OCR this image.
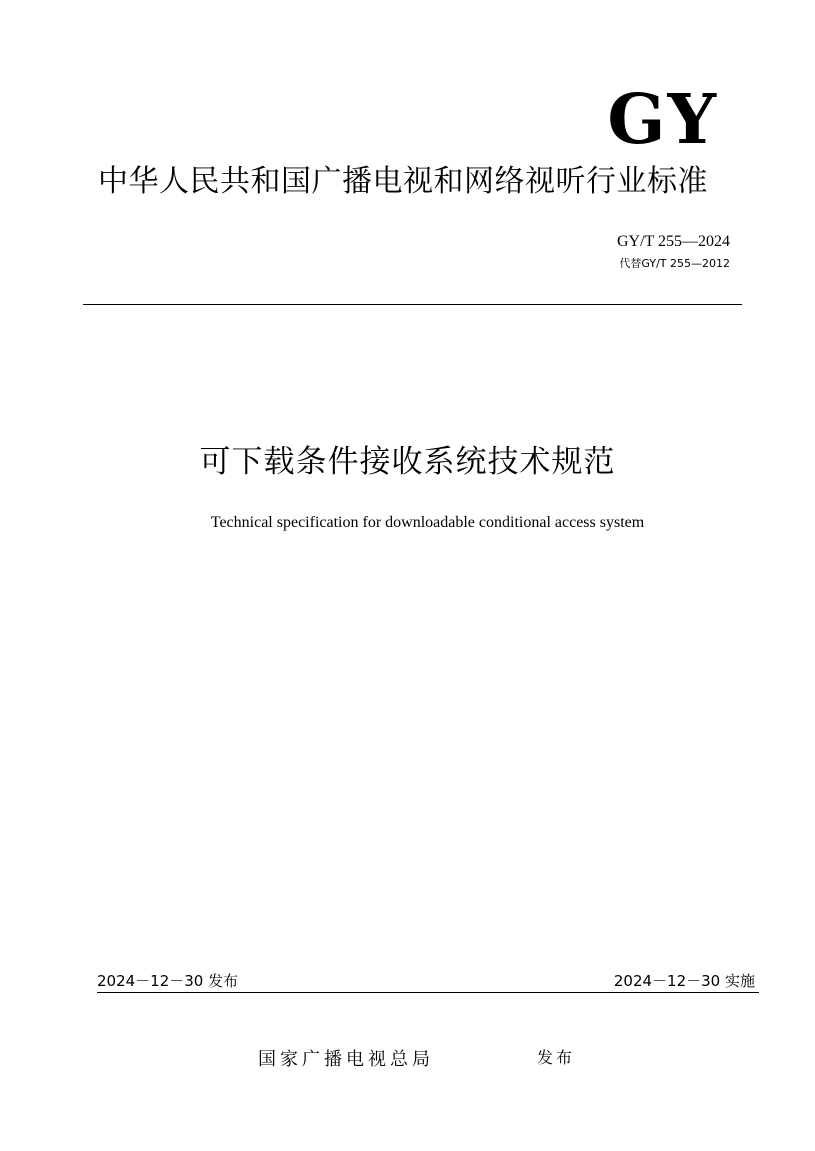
GY
中华人民共和国广播电视和网络视听行业标准
GY/T 255—2024
代替GY/T 255—2012
可下载条件接收系统技术规范
Technical specification for downloadable conditional access system
2024－12－30 发布	2024－12－30 实施
国家广播电视总局	发布
